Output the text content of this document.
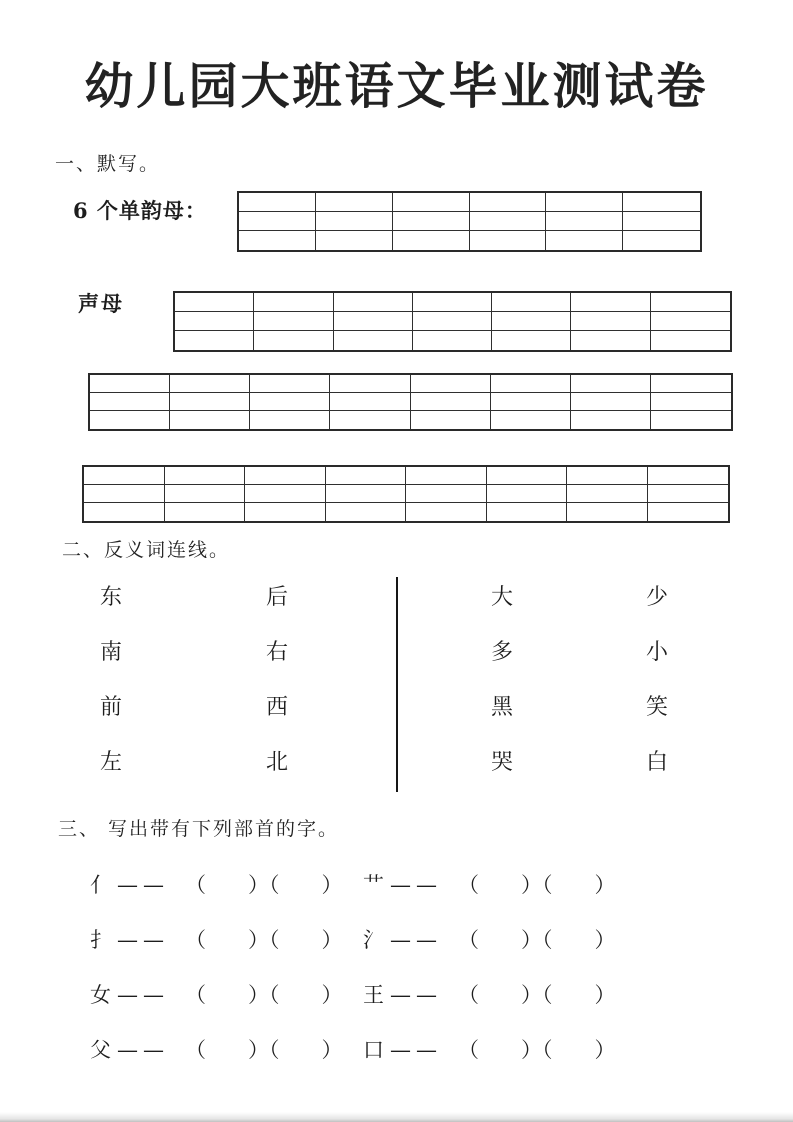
幼儿园大班语文毕业测试卷
一、默写。
6 个单韵母：
声母
二、反义词连线。
东
南
前
左
后
右
西
北
大
多
黑
哭
少
小
笑
白
三、 写出带有下列部首的字。
亻 —— （　　）（　　） 艹 —— （　　）（　　）
扌 —— （　　）（　　） 氵 —— （　　）（　　）
女 —— （　　）（　　） 王 —— （　　）（　　）
父 —— （　　）（　　） 口 —— （　　）（　　）
